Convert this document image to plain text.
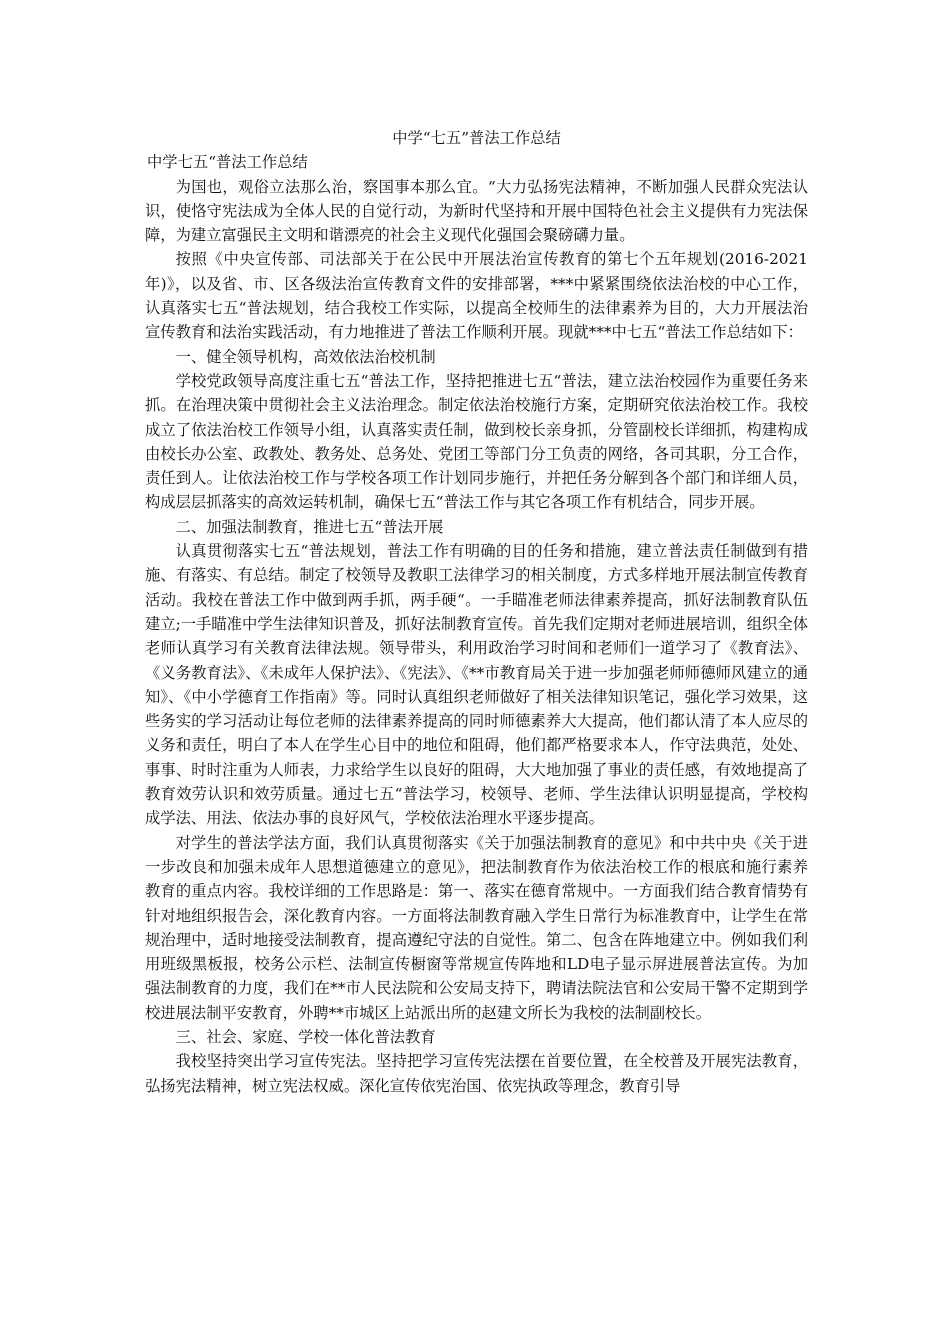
中学“七五”普法工作总结
中学七五“普法工作总结

为国也，观俗立法那么治，察国事本那么宜。“大力弘扬宪法精神，不断加强人民群众宪法认识，使恪守宪法成为全体人民的自觉行动，为新时代坚持和开展中国特色社会主义提供有力宪法保障，为建立富强民主文明和谐漂亮的社会主义现代化强国会聚磅礴力量。

按照《中央宣传部、司法部关于在公民中开展法治宣传教育的第七个五年规划(2016-2021年)》，以及省、市、区各级法治宣传教育文件的安排部署，***中紧紧围绕依法治校的中心工作，认真落实七五“普法规划，结合我校工作实际，以提高全校师生的法律素养为目的，大力开展法治宣传教育和法治实践活动，有力地推进了普法工作顺利开展。现就***中七五“普法工作总结如下：

一、健全领导机构，高效依法治校机制

学校党政领导高度注重七五“普法工作，坚持把推进七五“普法，建立法治校园作为重要任务来抓。在治理决策中贯彻社会主义法治理念。制定依法治校施行方案，定期研究依法治校工作。我校成立了依法治校工作领导小组，认真落实责任制，做到校长亲身抓，分管副校长详细抓，构建构成由校长办公室、政教处、教务处、总务处、党团工等部门分工负责的网络，各司其职，分工合作，责任到人。让依法治校工作与学校各项工作计划同步施行，并把任务分解到各个部门和详细人员，构成层层抓落实的高效运转机制，确保七五“普法工作与其它各项工作有机结合，同步开展。

二、加强法制教育，推进七五“普法开展

认真贯彻落实七五“普法规划，普法工作有明确的目的任务和措施，建立普法责任制做到有措施、有落实、有总结。制定了校领导及教职工法律学习的相关制度，方式多样地开展法制宣传教育活动。我校在普法工作中做到两手抓，两手硬“。一手瞄准老师法律素养提高，抓好法制教育队伍建立;一手瞄准中学生法律知识普及，抓好法制教育宣传。首先我们定期对老师进展培训，组织全体老师认真学习有关教育法律法规。领导带头，利用政治学习时间和老师们一道学习了《教育法》、《义务教育法》、《未成年人保护法》、《宪法》、《**市教育局关于进一步加强老师师德师风建立的通知》、《中小学德育工作指南》等。同时认真组织老师做好了相关法律知识笔记，强化学习效果，这些务实的学习活动让每位老师的法律素养提高的同时师德素养大大提高，他们都认清了本人应尽的义务和责任，明白了本人在学生心目中的地位和阻碍，他们都严格要求本人，作守法典范，处处、事事、时时注重为人师表，力求给学生以良好的阻碍，大大地加强了事业的责任感，有效地提高了教育效劳认识和效劳质量。通过七五“普法学习，校领导、老师、学生法律认识明显提高，学校构成学法、用法、依法办事的良好风气，学校依法治理水平逐步提高。

对学生的普法学法方面，我们认真贯彻落实《关于加强法制教育的意见》和中共中央《关于进一步改良和加强未成年人思想道德建立的意见》，把法制教育作为依法治校工作的根底和施行素养教育的重点内容。我校详细的工作思路是：第一、落实在德育常规中。一方面我们结合教育情势有针对地组织报告会，深化教育内容。一方面将法制教育融入学生日常行为标准教育中，让学生在常规治理中，适时地接受法制教育，提高遵纪守法的自觉性。第二、包含在阵地建立中。例如我们利用班级黑板报，校务公示栏、法制宣传橱窗等常规宣传阵地和LD电子显示屏进展普法宣传。为加强法制教育的力度，我们在**市人民法院和公安局支持下，聘请法院法官和公安局干警不定期到学校进展法制平安教育，外聘**市城区上站派出所的赵建文所长为我校的法制副校长。

三、社会、家庭、学校一体化普法教育

我校坚持突出学习宣传宪法。坚持把学习宣传宪法摆在首要位置，在全校普及开展宪法教育，弘扬宪法精神，树立宪法权威。深化宣传依宪治国、依宪执政等理念，教育引导
